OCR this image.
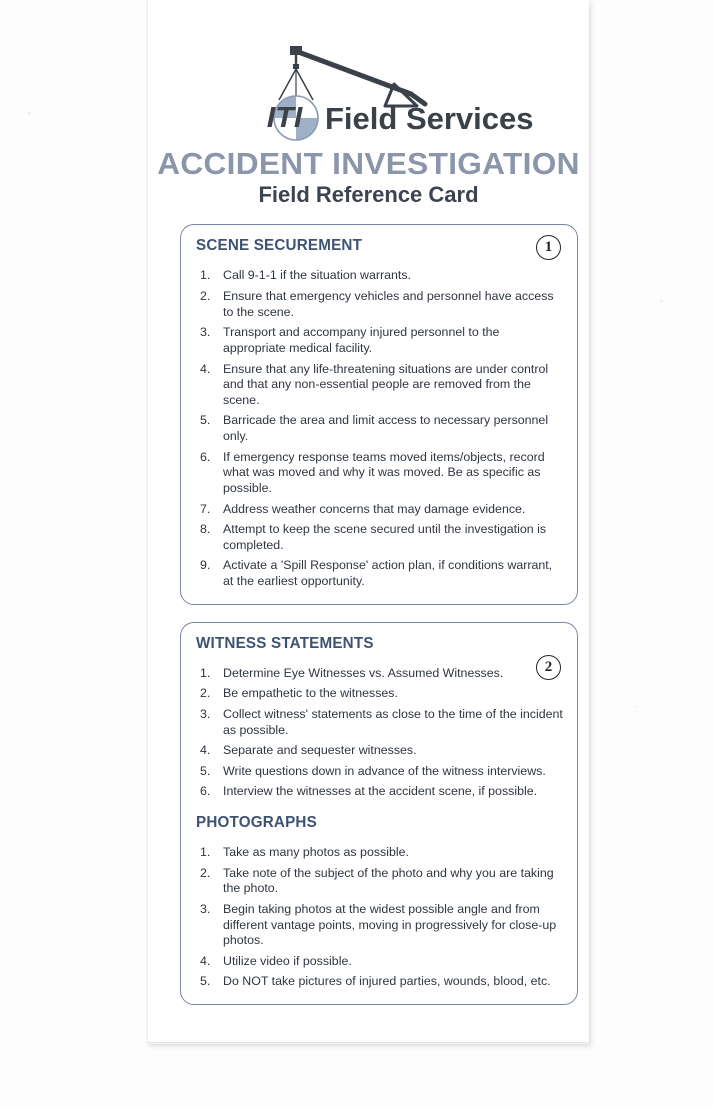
ITI Field Services
ACCIDENT INVESTIGATION
Field Reference Card
SCENE SECUREMENT	1
Call 9-1-1 if the situation warrants.
Ensure that emergency vehicles and personnel have access to the scene.
Transport and accompany injured personnel to the appropriate medical facility.
Ensure that any life-threatening situations are under control and that any non-essential people are removed from the scene.
Barricade the area and limit access to necessary personnel only.
If emergency response teams moved items/objects, record what was moved and why it was moved. Be as specific as possible.
Address weather concerns that may damage evidence.
Attempt to keep the scene secured until the investigation is completed.
Activate a 'Spill Response' action plan, if conditions warrant, at the earliest opportunity.
WITNESS STATEMENTS
2
Determine Eye Witnesses vs. Assumed Witnesses.
Be empathetic to the witnesses.
Collect witness' statements as close to the time of the incident as possible.
Separate and sequester witnesses.
Write questions down in advance of the witness interviews.
Interview the witnesses at the accident scene, if possible.
PHOTOGRAPHS
Take as many photos as possible.
Take note of the subject of the photo and why you are taking the photo.
Begin taking photos at the widest possible angle and from different vantage points, moving in progressively for close-up photos.
Utilize video if possible.
Do NOT take pictures of injured parties, wounds, blood, etc.
